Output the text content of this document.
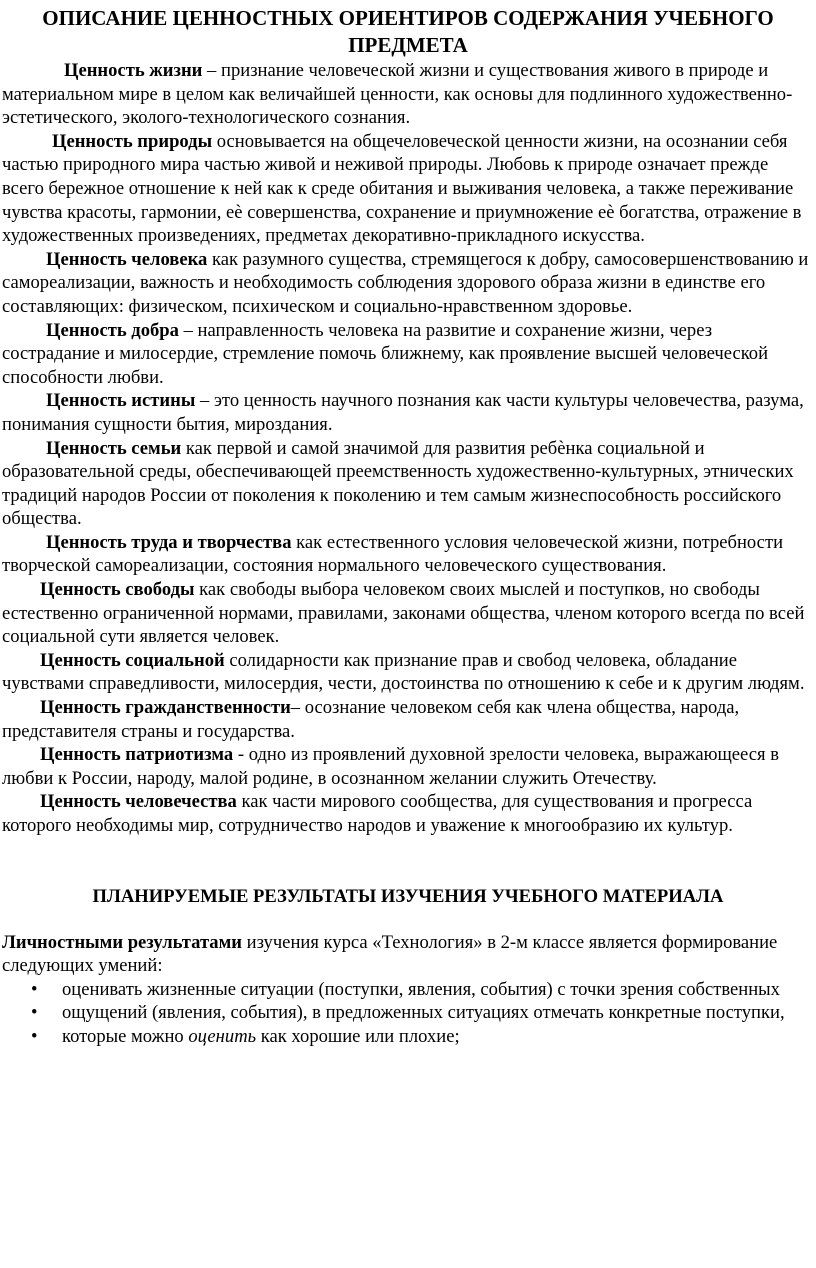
ОПИСАНИЕ ЦЕННОСТНЫХ ОРИЕНТИРОВ СОДЕРЖАНИЯ УЧЕБНОГО ПРЕДМЕТА

Ценность жизни – признание человеческой жизни и существования живого в природе и материальном мире в целом как величайшей ценности, как основы для подлинного художественно-эстетического, эколого-технологического сознания.

Ценность природы основывается на общечеловеческой ценности жизни, на осознании себя частью природного мира частью живой и неживой природы. Любовь к природе означает прежде всего бережное отношение к ней как к среде обитания и выживания человека, а также переживание чувства красоты, гармонии, еѐ совершенства, сохранение и приумножение еѐ богатства, отражение в художественных произведениях, предметах декоративно-прикладного искусства.

Ценность человека как разумного существа, стремящегося к добру, самосовершенствованию и самореализации, важность и необходимость соблюдения здорового образа жизни в единстве его составляющих: физическом, психическом и социально-нравственном здоровье.

Ценность добра – направленность человека на развитие и сохранение жизни, через сострадание и милосердие, стремление помочь ближнему, как проявление высшей человеческой способности любви.

Ценность истины – это ценность научного познания как части культуры человечества, разума, понимания сущности бытия, мироздания.

Ценность семьи как первой и самой значимой для развития ребѐнка социальной и образовательной среды, обеспечивающей преемственность художественно-культурных, этнических традиций народов России от поколения к поколению и тем самым жизнеспособность российского общества.

Ценность труда и творчества как естественного условия человеческой жизни, потребности творческой самореализации, состояния нормального человеческого существования.

Ценность свободы как свободы выбора человеком своих мыслей и поступков, но свободы естественно ограниченной нормами, правилами, законами общества, членом которого всегда по всей социальной сути является человек.

Ценность социальной солидарности как признание прав и свобод человека, обладание чувствами справедливости, милосердия, чести, достоинства по отношению к себе и к другим людям.

Ценность гражданственности– осознание человеком себя как члена общества, народа, представителя страны и государства.

Ценность патриотизма - одно из проявлений духовной зрелости человека, выражающееся в любви к России, народу, малой родине, в осознанном желании служить Отечеству.

Ценность человечества как части мирового сообщества, для существования и прогресса которого необходимы мир, сотрудничество народов и уважение к многообразию их культур.

ПЛАНИРУЕМЫЕ РЕЗУЛЬТАТЫ ИЗУЧЕНИЯ УЧЕБНОГО МАТЕРИАЛА

Личностными результатами изучения курса «Технология» в 2-м классе является формирование следующих умений:

• оценивать жизненные ситуации (поступки, явления, события) с точки зрения собственных
• ощущений (явления, события), в предложенных ситуациях отмечать конкретные поступки,
• которые можно оценить как хорошие или плохие;
